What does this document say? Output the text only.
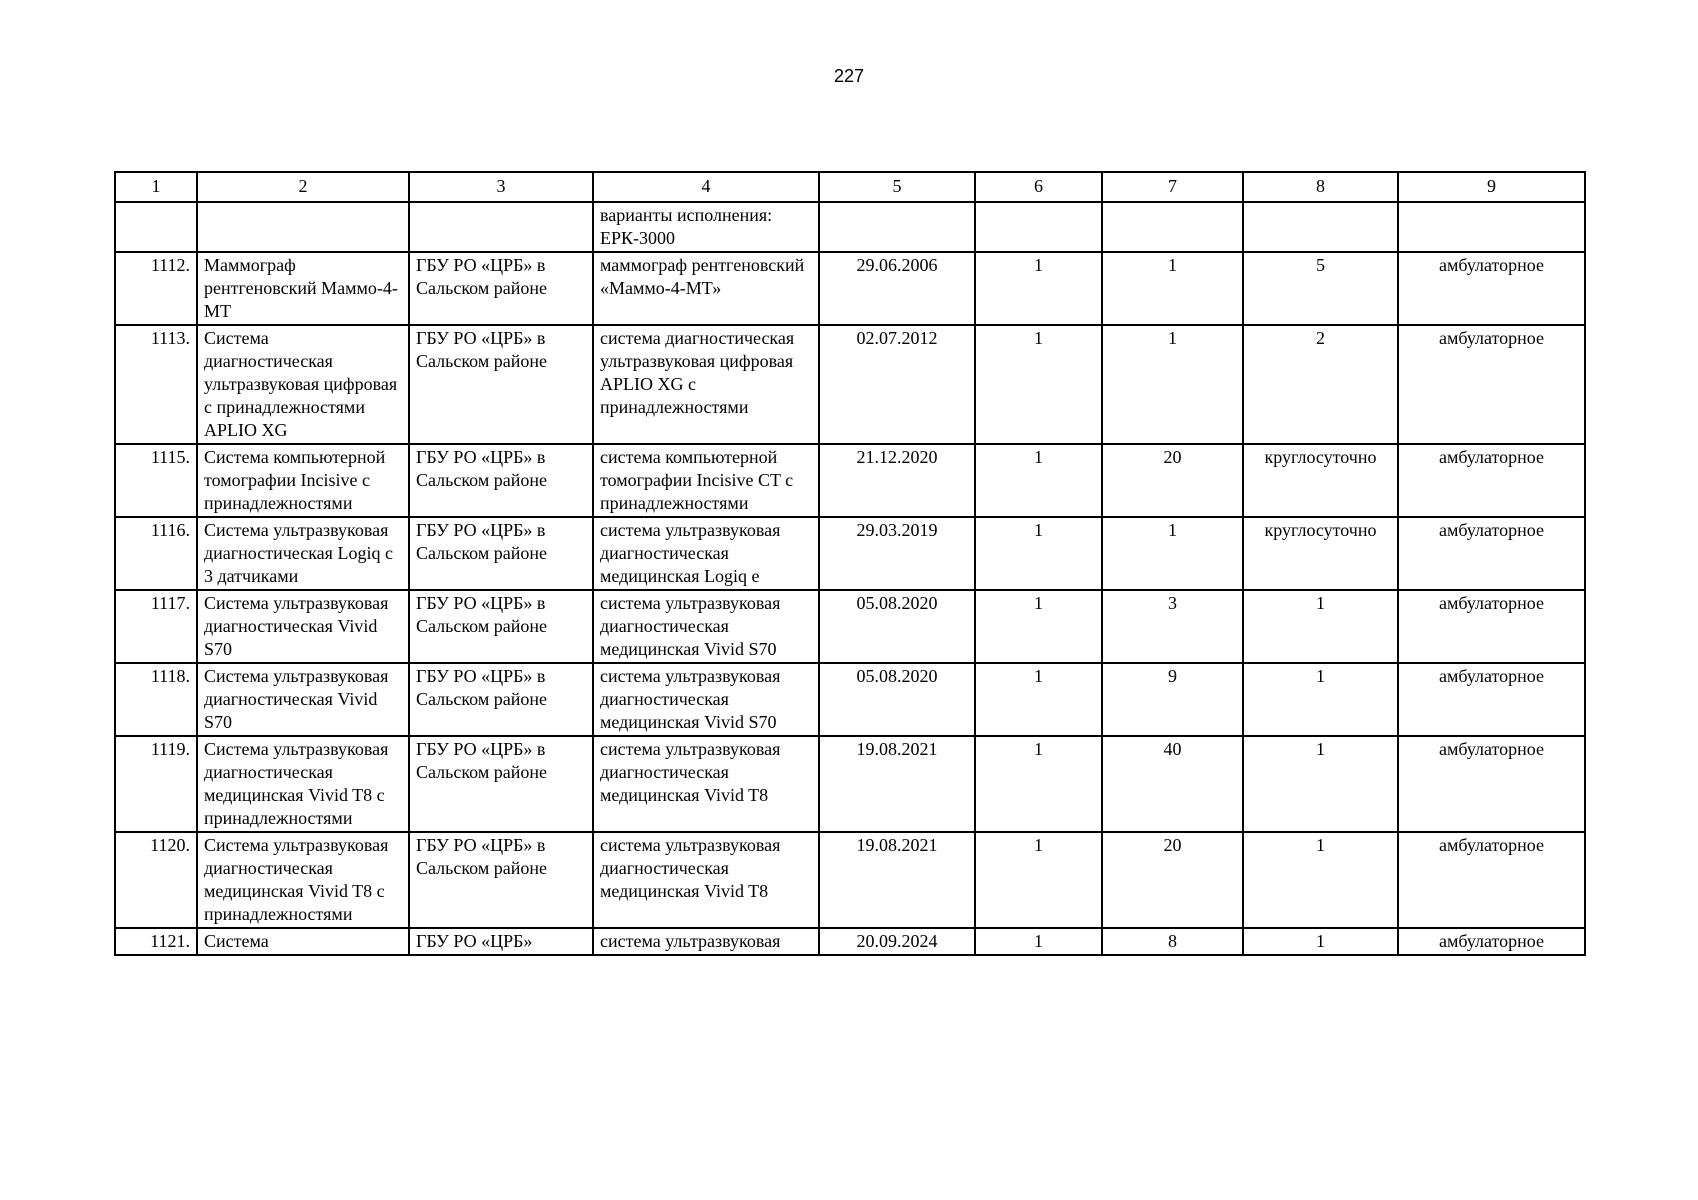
227
1	2	3	4	5	6	7	8	9
			варианты исполнения: ЕРК-3000					
1112.	Маммограф рентгеновский Маммо-4-МТ	ГБУ РО «ЦРБ» в Сальском районе	маммограф рентгеновский «Маммо-4-МТ»	29.06.2006	1	1	5	амбулаторное
1113.	Система диагностическая ультразвуковая цифровая с принадлежностями APLIO XG	ГБУ РО «ЦРБ» в Сальском районе	система диагностическая ультразвуковая цифровая APLIO XG с принадлежностями	02.07.2012	1	1	2	амбулаторное
1115.	Система компьютерной томографии Incisive с принадлежностями	ГБУ РО «ЦРБ» в Сальском районе	система компьютерной томографии Incisive CT с принадлежностями	21.12.2020	1	20	круглосуточно	амбулаторное
1116.	Система ультразвуковая диагностическая Logiq с 3 датчиками	ГБУ РО «ЦРБ» в Сальском районе	система ультразвуковая диагностическая медицинская Logiq e	29.03.2019	1	1	круглосуточно	амбулаторное
1117.	Система ультразвуковая диагностическая Vivid S70	ГБУ РО «ЦРБ» в Сальском районе	система ультразвуковая диагностическая медицинская Vivid S70	05.08.2020	1	3	1	амбулаторное
1118.	Система ультразвуковая диагностическая Vivid S70	ГБУ РО «ЦРБ» в Сальском районе	система ультразвуковая диагностическая медицинская Vivid S70	05.08.2020	1	9	1	амбулаторное
1119.	Система ультразвуковая диагностическая медицинская Vivid T8 с принадлежностями	ГБУ РО «ЦРБ» в Сальском районе	система ультразвуковая диагностическая медицинская Vivid T8	19.08.2021	1	40	1	амбулаторное
1120.	Система ультразвуковая диагностическая медицинская Vivid T8 с принадлежностями	ГБУ РО «ЦРБ» в Сальском районе	система ультразвуковая диагностическая медицинская Vivid T8	19.08.2021	1	20	1	амбулаторное
1121.	Система	ГБУ РО «ЦРБ»	система ультразвуковая	20.09.2024	1	8	1	амбулаторное
